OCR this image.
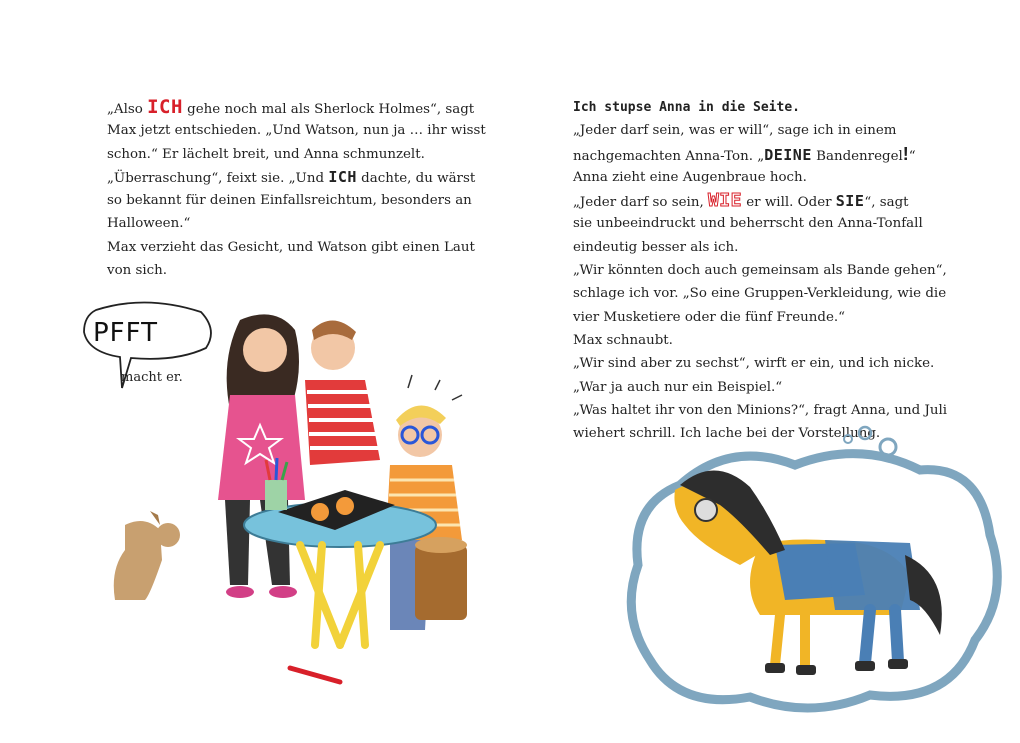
„Also ICH gehe noch mal als Sherlock Holmes“, sagt
Max jetzt entschieden. „Und Watson, nun ja … ihr wisst
schon.“ Er lächelt breit, und Anna schmunzelt.
„Überraschung“, feixt sie. „Und ICH dachte, du wärst
so bekannt für deinen Einfallsreichtum, besonders an
Halloween.“
Max verzieht das Gesicht, und Watson gibt einen Laut
von sich.
PFFT
macht er.
Ich stupse Anna in die Seite.
„Jeder darf sein, was er will“, sage ich in einem
nachgemachten Anna-Ton. „DEINE Bandenregel!“
Anna zieht eine Augenbraue hoch.
„Jeder darf so sein, WIE er will. Oder SIE“, sagt
sie unbeeindruckt und beherrscht den Anna-Tonfall
eindeutig besser als ich.
„Wir könnten doch auch gemeinsam als Bande gehen“,
schlage ich vor. „So eine Gruppen-Verkleidung, wie die
vier Musketiere oder die fünf Freunde.“
Max schnaubt.
„Wir sind aber zu sechst“, wirft er ein, und ich nicke.
„War ja auch nur ein Beispiel.“
„Was haltet ihr von den Minions?“, fragt Anna, und Juli
wiehert schrill. Ich lache bei der Vorstellung.
